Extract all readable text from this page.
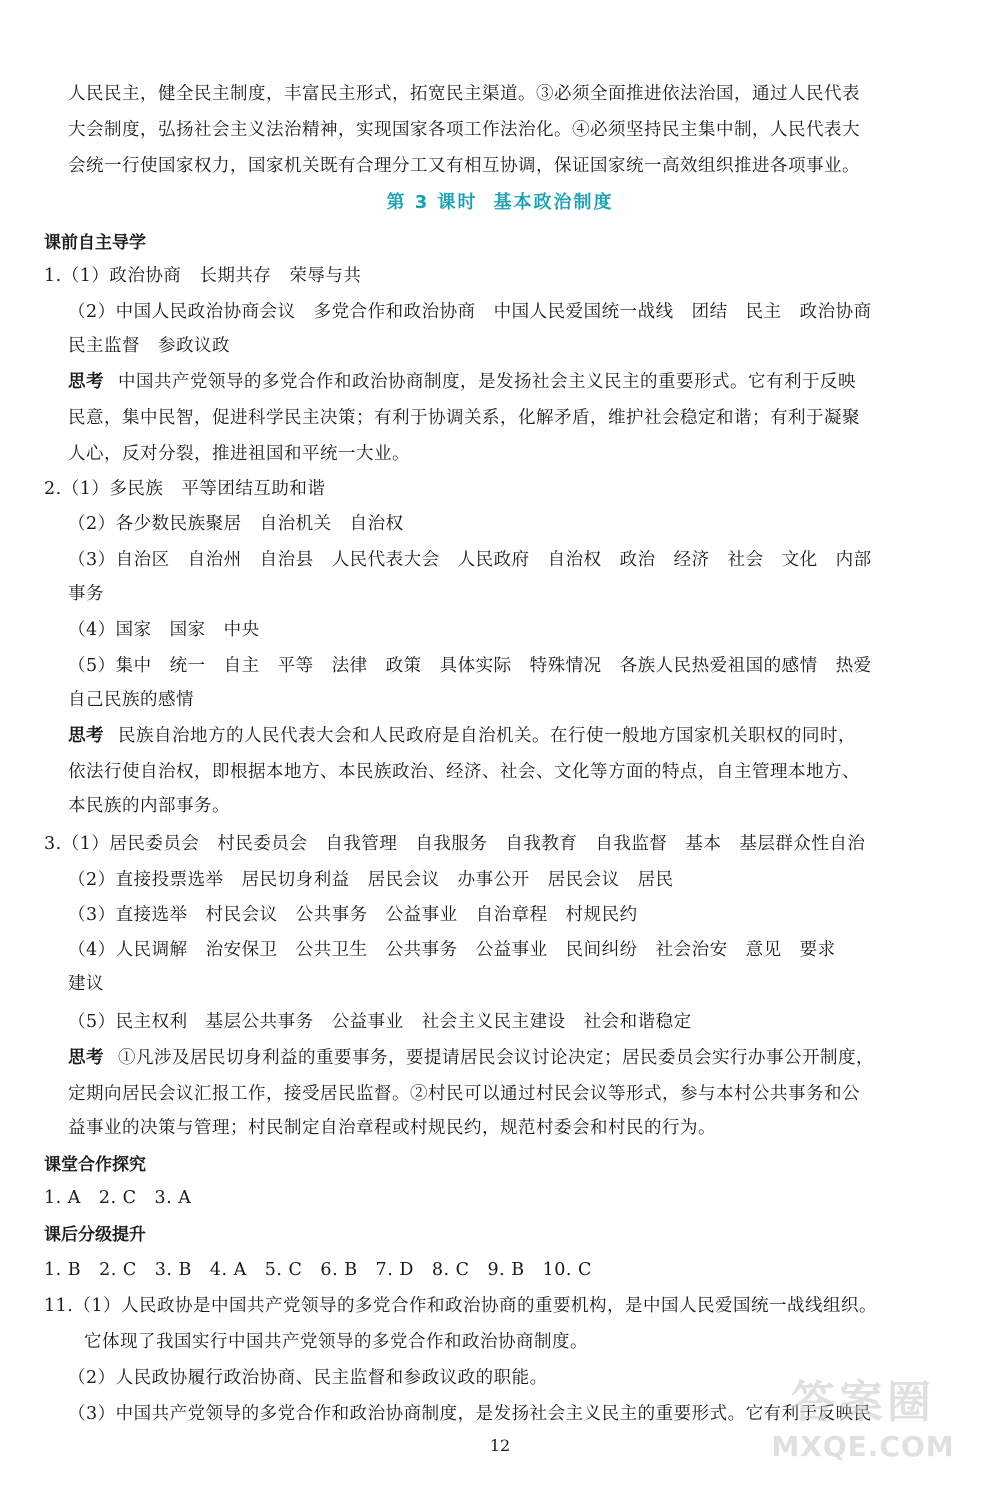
人民民主，健全民主制度，丰富民主形式，拓宽民主渠道。③必须全面推进依法治国，通过人民代表
大会制度，弘扬社会主义法治精神，实现国家各项工作法治化。④必须坚持民主集中制，人民代表大
会统一行使国家权力，国家机关既有合理分工又有相互协调，保证国家统一高效组织推进各项事业。
第 3 课时 基本政治制度
课前自主导学
1.（1）政治协商　长期共存　荣辱与共
（2）中国人民政治协商会议　多党合作和政治协商　中国人民爱国统一战线　团结　民主　政治协商
民主监督　参政议政
思考 中国共产党领导的多党合作和政治协商制度，是发扬社会主义民主的重要形式。它有利于反映
民意，集中民智，促进科学民主决策；有利于协调关系，化解矛盾，维护社会稳定和谐；有利于凝聚
人心，反对分裂，推进祖国和平统一大业。
2.（1）多民族　平等团结互助和谐
（2）各少数民族聚居　自治机关　自治权
（3）自治区　自治州　自治县　人民代表大会　人民政府　自治权　政治　经济　社会　文化　内部
事务
（4）国家　国家　中央
（5）集中　统一　自主　平等　法律　政策　具体实际　特殊情况　各族人民热爱祖国的感情　热爱
自己民族的感情
思考 民族自治地方的人民代表大会和人民政府是自治机关。在行使一般地方国家机关职权的同时，
依法行使自治权，即根据本地方、本民族政治、经济、社会、文化等方面的特点，自主管理本地方、
本民族的内部事务。
3.（1）居民委员会　村民委员会　自我管理　自我服务　自我教育　自我监督　基本　基层群众性自治
（2）直接投票选举　居民切身利益　居民会议　办事公开　居民会议　居民
（3）直接选举　村民会议　公共事务　公益事业　自治章程　村规民约
（4）人民调解　治安保卫　公共卫生　公共事务　公益事业　民间纠纷　社会治安　意见　要求
建议
（5）民主权利　基层公共事务　公益事业　社会主义民主建设　社会和谐稳定
思考 ①凡涉及居民切身利益的重要事务，要提请居民会议讨论决定；居民委员会实行办事公开制度，
定期向居民会议汇报工作，接受居民监督。②村民可以通过村民会议等形式，参与本村公共事务和公
益事业的决策与管理；村民制定自治章程或村规民约，规范村委会和村民的行为。
课堂合作探究
1. A　2. C　3. A
课后分级提升
1. B　2. C　3. B　4. A　5. C　6. B　7. D　8. C　9. B　10. C
11.（1）人民政协是中国共产党领导的多党合作和政治协商的重要机构，是中国人民爱国统一战线组织。
它体现了我国实行中国共产党领导的多党合作和政治协商制度。
（2）人民政协履行政治协商、民主监督和参政议政的职能。
（3）中国共产党领导的多党合作和政治协商制度，是发扬社会主义民主的重要形式。它有利于反映民
12
答案圈
MXQE.COM
